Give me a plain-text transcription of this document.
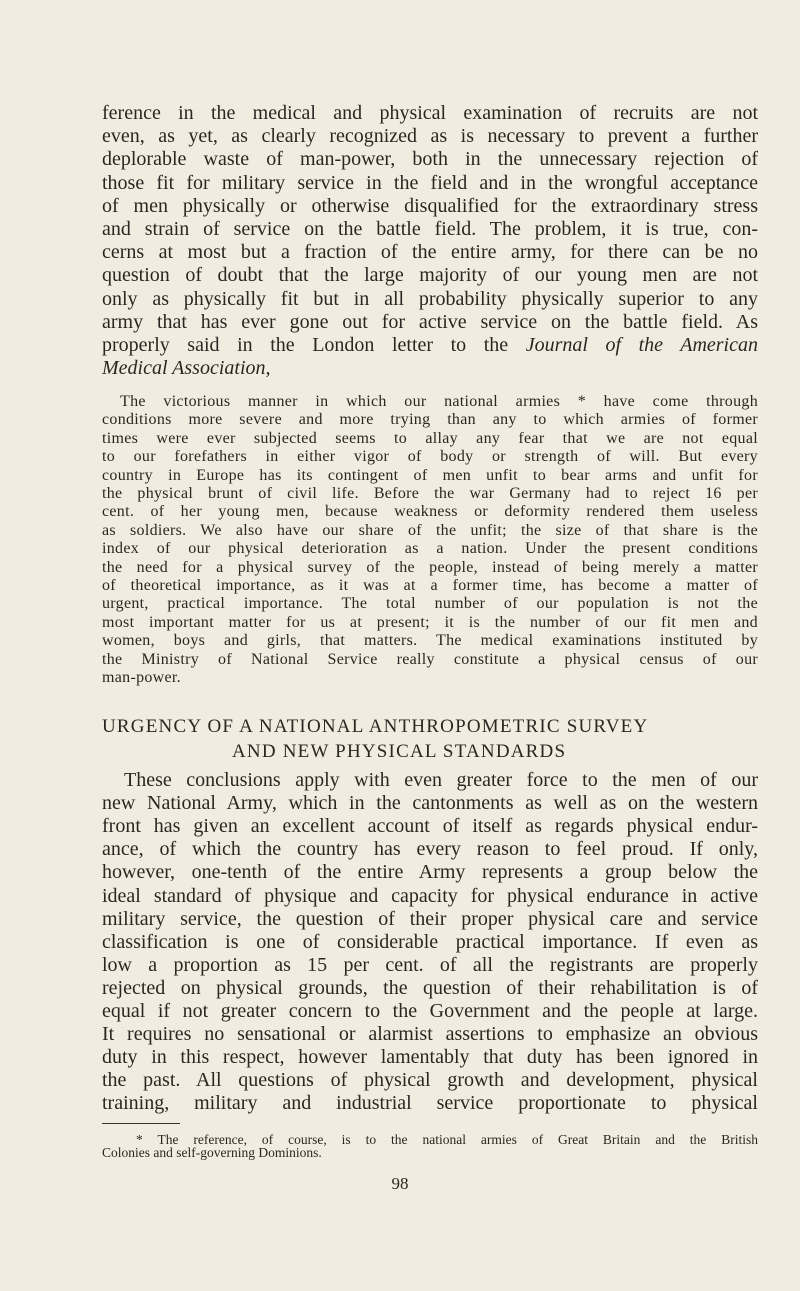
ference in the medical and physical examination of recruits are not
even, as yet, as clearly recognized as is necessary to prevent a further
deplorable waste of man-power, both in the unnecessary rejection of
those fit for military service in the field and in the wrongful acceptance
of men physically or otherwise disqualified for the extraordinary stress
and strain of service on the battle field. The problem, it is true, con-
cerns at most but a fraction of the entire army, for there can be no
question of doubt that the large majority of our young men are not
only as physically fit but in all probability physically superior to any
army that has ever gone out for active service on the battle field. As
properly said in the London letter to the Journal of the American
Medical Association,
The victorious manner in which our national armies * have come through
conditions more severe and more trying than any to which armies of former
times were ever subjected seems to allay any fear that we are not equal
to our forefathers in either vigor of body or strength of will. But every
country in Europe has its contingent of men unfit to bear arms and unfit for
the physical brunt of civil life. Before the war Germany had to reject 16 per
cent. of her young men, because weakness or deformity rendered them useless
as soldiers. We also have our share of the unfit; the size of that share is the
index of our physical deterioration as a nation. Under the present conditions
the need for a physical survey of the people, instead of being merely a matter
of theoretical importance, as it was at a former time, has become a matter of
urgent, practical importance. The total number of our population is not the
most important matter for us at present; it is the number of our fit men and
women, boys and girls, that matters. The medical examinations instituted by
the Ministry of National Service really constitute a physical census of our
man-power.
URGENCY OF A NATIONAL ANTHROPOMETRIC SURVEY
AND NEW PHYSICAL STANDARDS
These conclusions apply with even greater force to the men of our
new National Army, which in the cantonments as well as on the western
front has given an excellent account of itself as regards physical endur-
ance, of which the country has every reason to feel proud. If only,
however, one-tenth of the entire Army represents a group below the
ideal standard of physique and capacity for physical endurance in active
military service, the question of their proper physical care and service
classification is one of considerable practical importance. If even as
low a proportion as 15 per cent. of all the registrants are properly
rejected on physical grounds, the question of their rehabilitation is of
equal if not greater concern to the Government and the people at large.
It requires no sensational or alarmist assertions to emphasize an obvious
duty in this respect, however lamentably that duty has been ignored in
the past. All questions of physical growth and development, physical
training, military and industrial service proportionate to physical
* The reference, of course, is to the national armies of Great Britain and the British
Colonies and self-governing Dominions.
98
